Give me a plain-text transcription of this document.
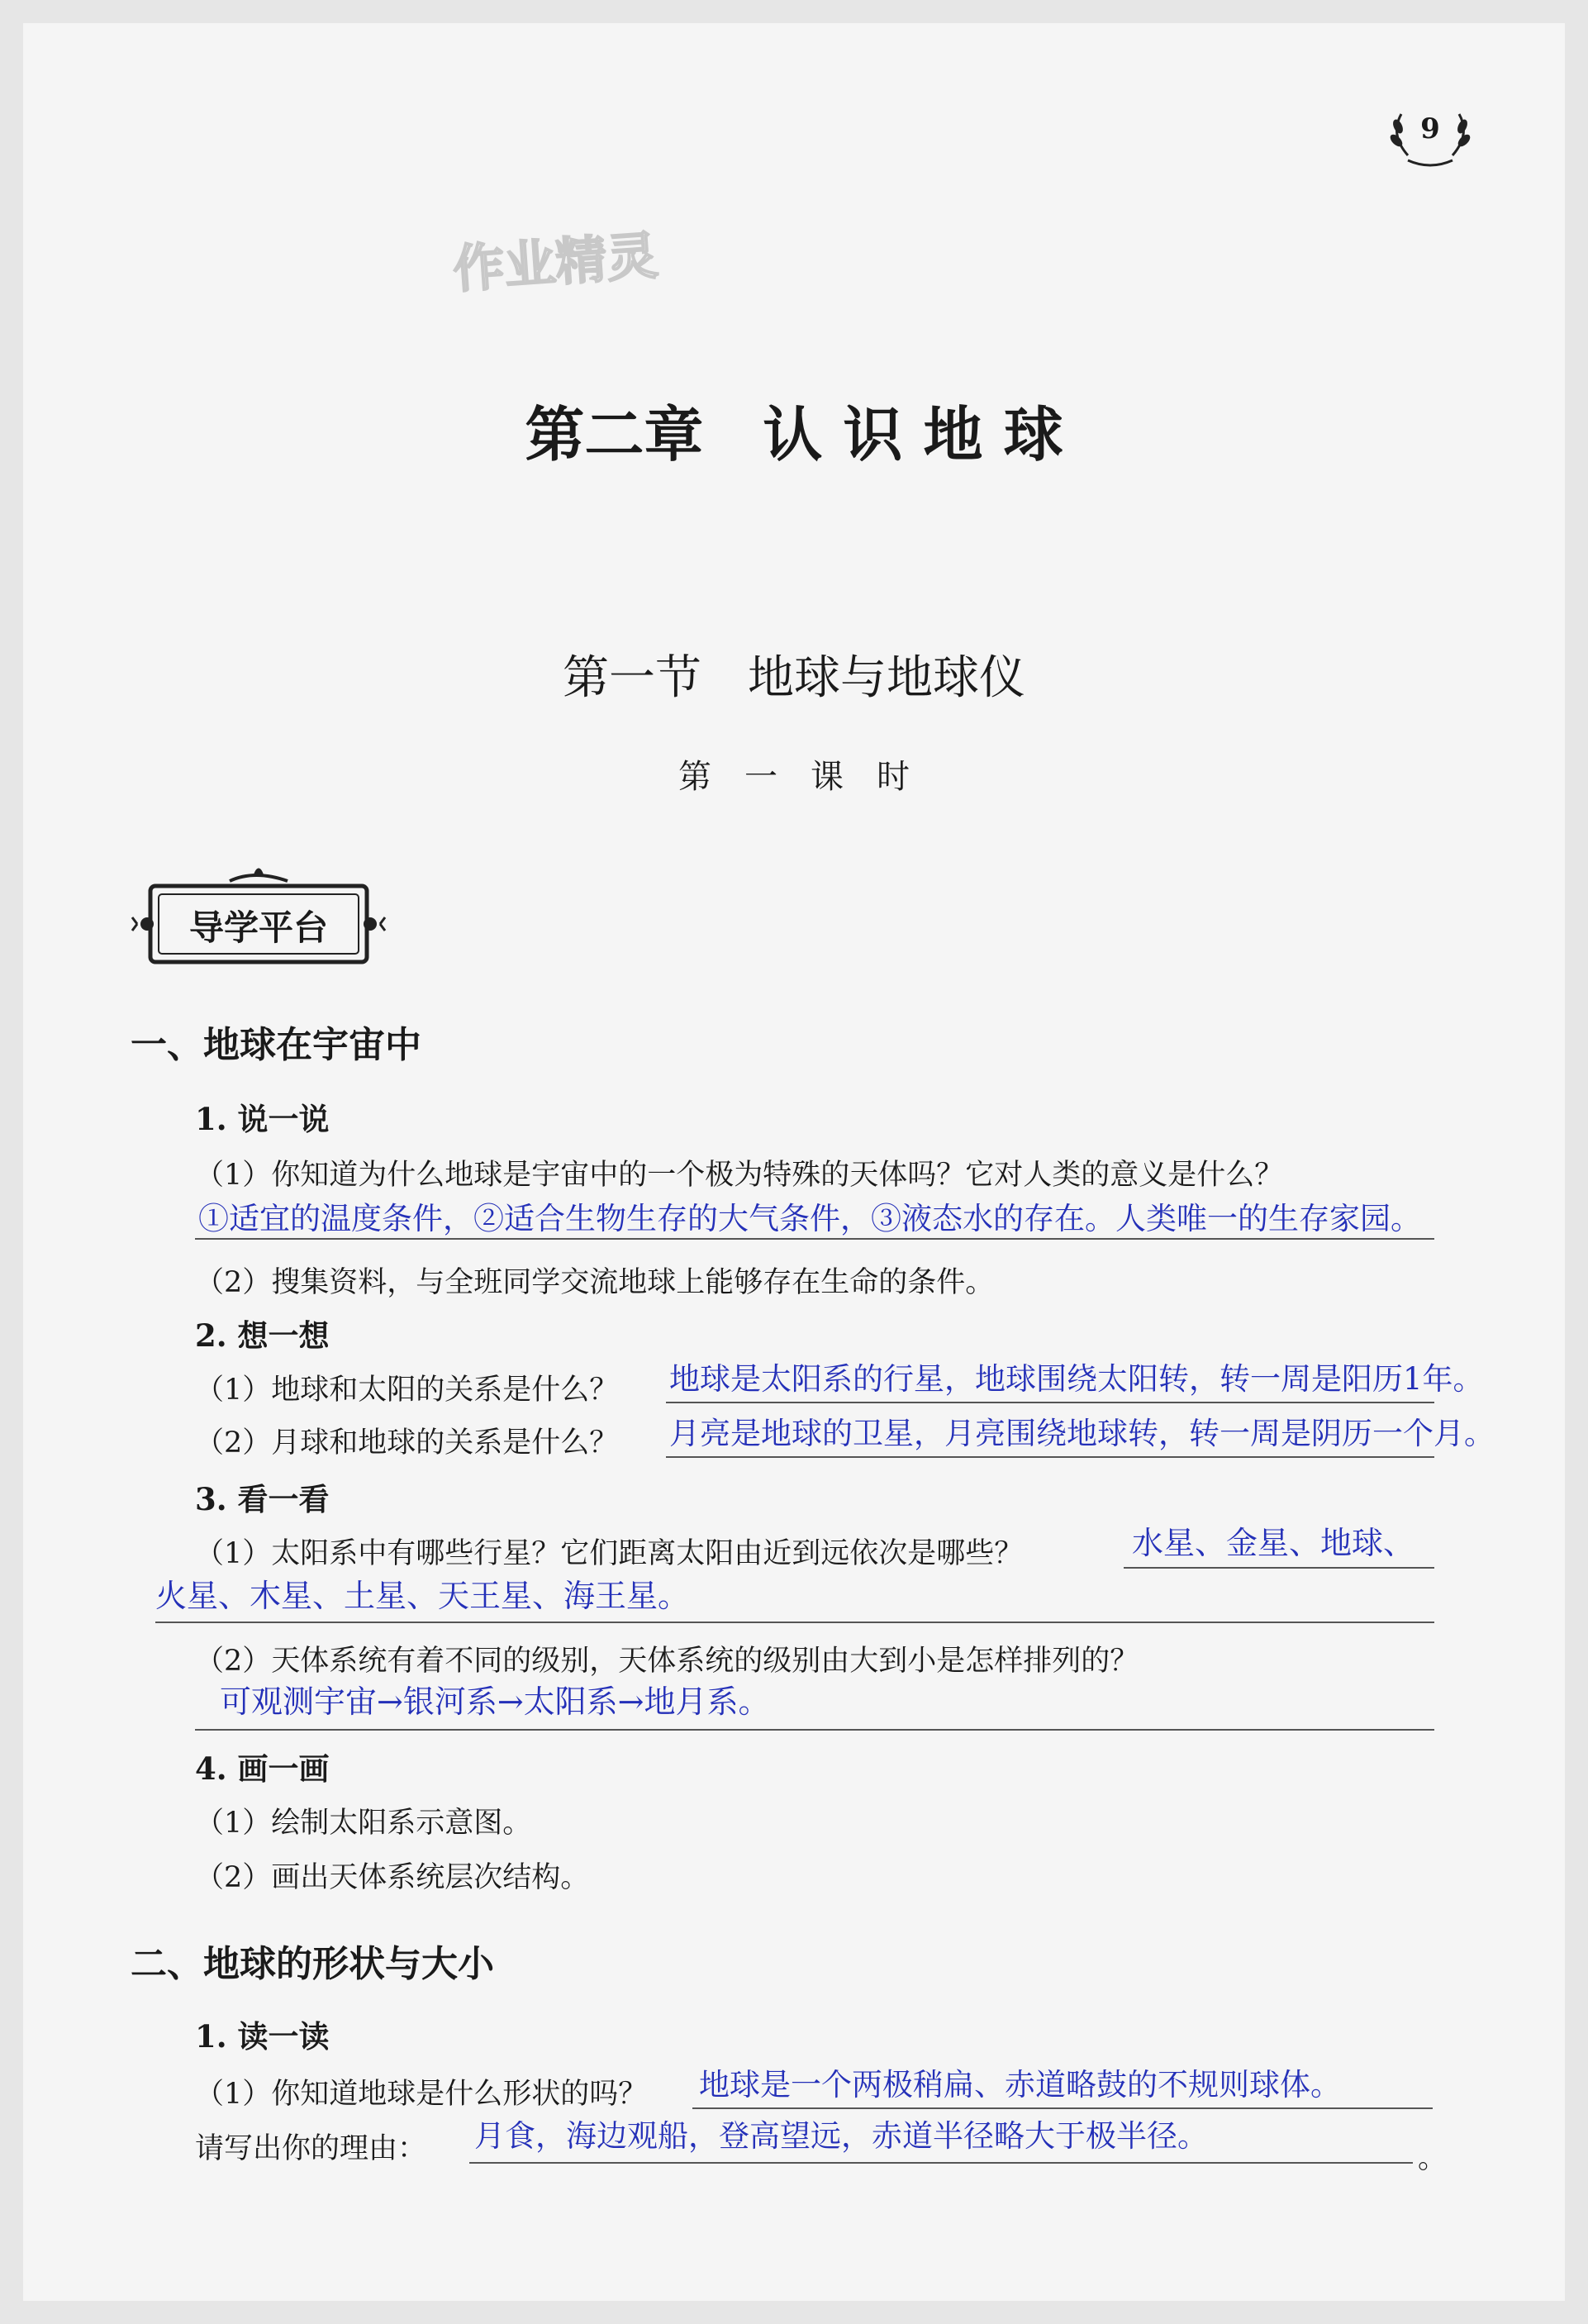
9
作业精灵
第二章　认 识 地 球
第一节　地球与地球仪
第　一　课　时
导学平台
一、地球在宇宙中
1. 说一说
（1）你知道为什么地球是宇宙中的一个极为特殊的天体吗？它对人类的意义是什么？
①适宜的温度条件，②适合生物生存的大气条件，③液态水的存在。人类唯一的生存家园。
（2）搜集资料，与全班同学交流地球上能够存在生命的条件。
2. 想一想
（1）地球和太阳的关系是什么？ 地球是太阳系的行星，地球围绕太阳转，转一周是阳历1年。
（2）月球和地球的关系是什么？ 月亮是地球的卫星，月亮围绕地球转，转一周是阴历一个月。
3. 看一看
（1）太阳系中有哪些行星？它们距离太阳由近到远依次是哪些？	水星、金星、地球、
火星、木星、土星、天王星、海王星。
（2）天体系统有着不同的级别，天体系统的级别由大到小是怎样排列的？
可观测宇宙→银河系→太阳系→地月系。
4. 画一画
（1）绘制太阳系示意图。
（2）画出天体系统层次结构。
二、地球的形状与大小
1. 读一读
（1）你知道地球是什么形状的吗？ 地球是一个两极稍扁、赤道略鼓的不规则球体。
请写出你的理由： 月食，海边观船，登高望远，赤道半径略大于极半径。
。
